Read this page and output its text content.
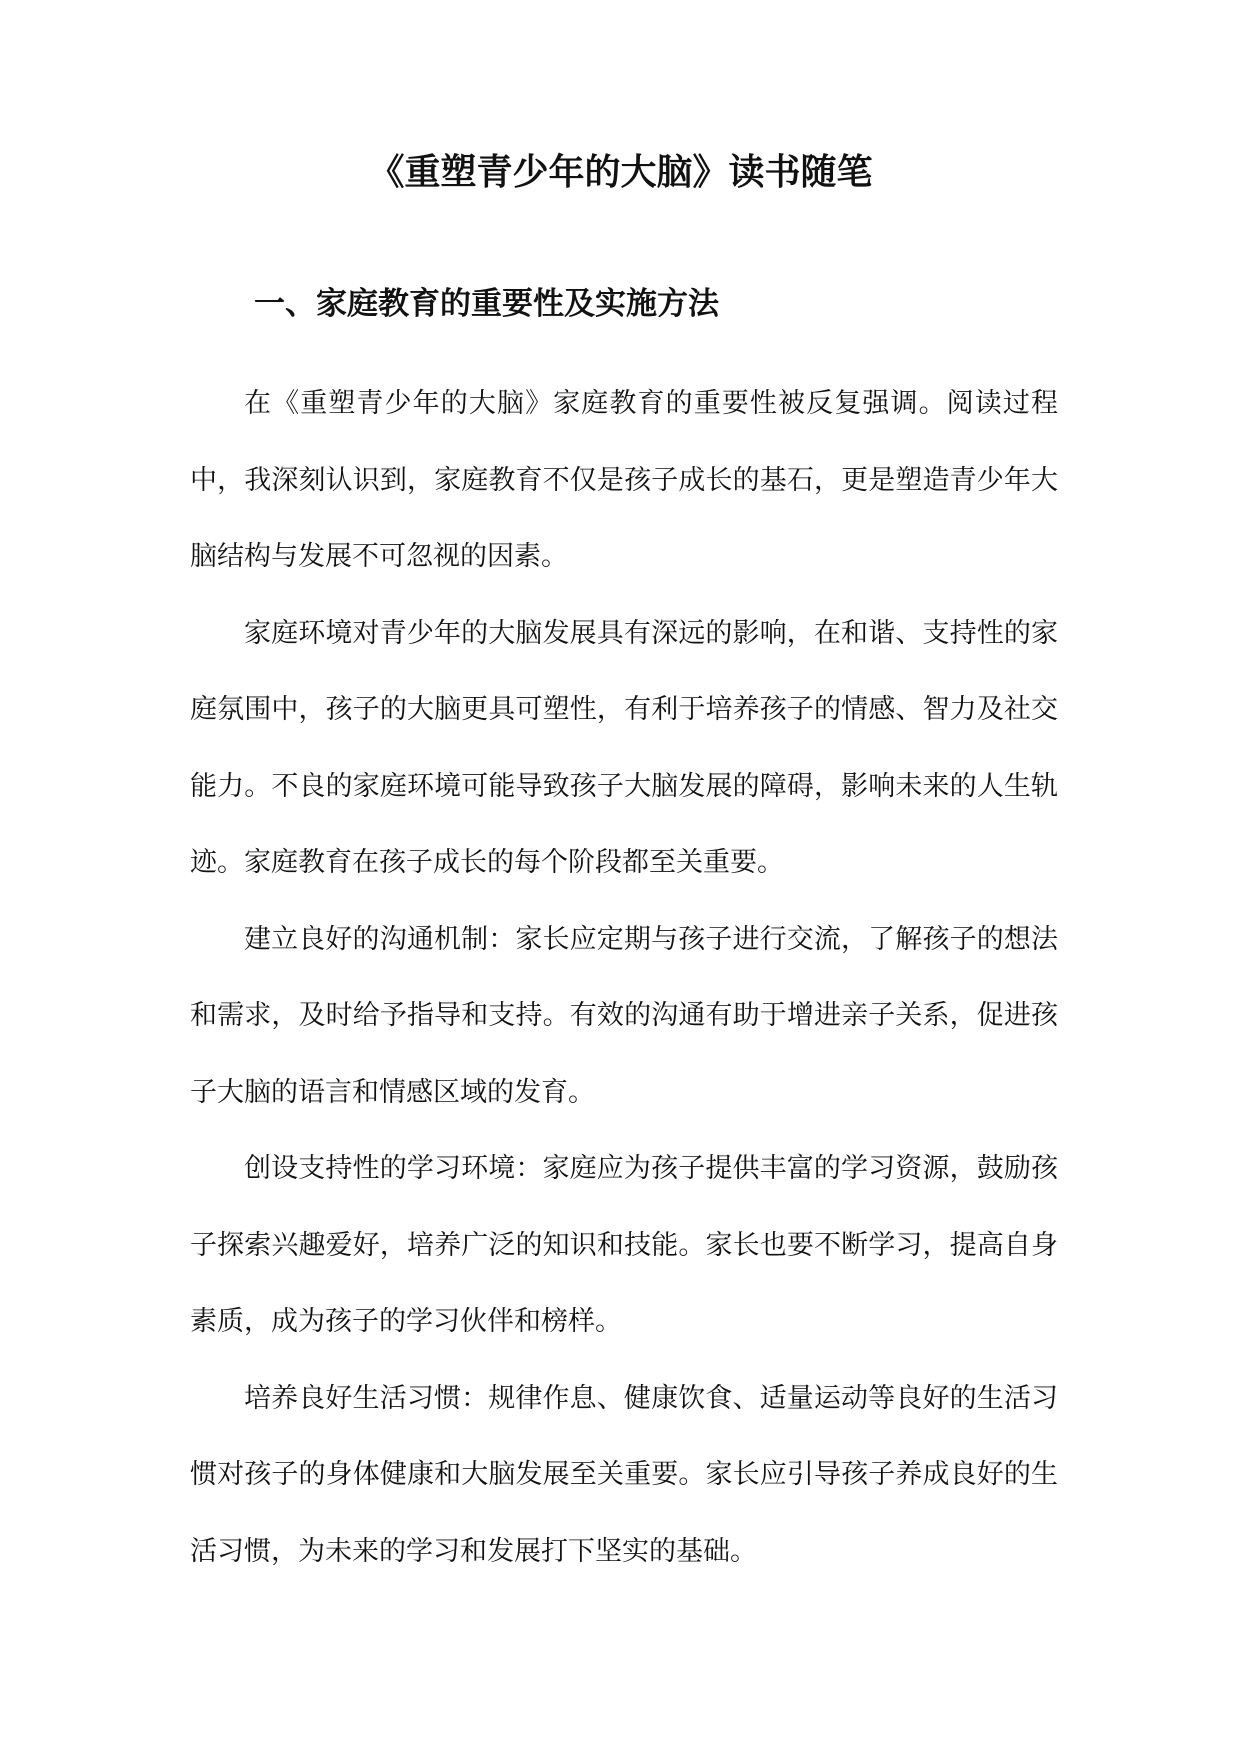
《重塑青少年的大脑》读书随笔
一、家庭教育的重要性及实施方法

在《重塑青少年的大脑》家庭教育的重要性被反复强调。阅读过程中，我深刻认识到，家庭教育不仅是孩子成长的基石，更是塑造青少年大脑结构与发展不可忽视的因素。

家庭环境对青少年的大脑发展具有深远的影响，在和谐、支持性的家庭氛围中，孩子的大脑更具可塑性，有利于培养孩子的情感、智力及社交能力。不良的家庭环境可能导致孩子大脑发展的障碍，影响未来的人生轨迹。家庭教育在孩子成长的每个阶段都至关重要。

建立良好的沟通机制：家长应定期与孩子进行交流，了解孩子的想法和需求，及时给予指导和支持。有效的沟通有助于增进亲子关系，促进孩子大脑的语言和情感区域的发育。

创设支持性的学习环境：家庭应为孩子提供丰富的学习资源，鼓励孩子探索兴趣爱好，培养广泛的知识和技能。家长也要不断学习，提高自身素质，成为孩子的学习伙伴和榜样。

培养良好生活习惯：规律作息、健康饮食、适量运动等良好的生活习惯对孩子的身体健康和大脑发展至关重要。家长应引导孩子养成良好的生活习惯，为未来的学习和发展打下坚实的基础。
